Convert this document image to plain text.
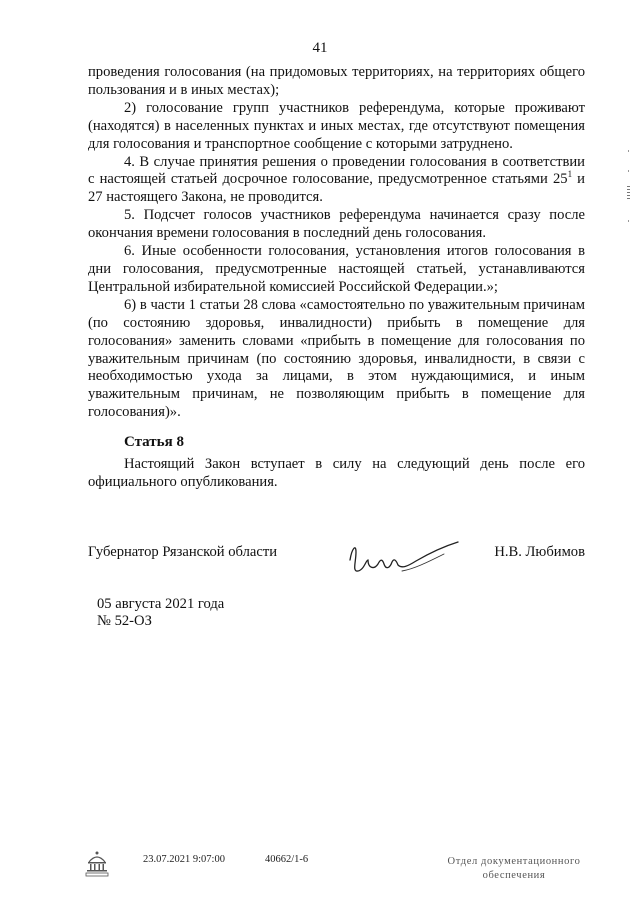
41

проведения голосования (на придомовых территориях, на территориях общего пользования и в иных местах);

2) голосование групп участников референдума, которые проживают (находятся) в населенных пунктах и иных местах, где отсутствуют помещения для голосования и транспортное сообщение с которыми затруднено.

4. В случае принятия решения о проведении голосования в соответствии с настоящей статьей досрочное голосование, предусмотренное статьями $25^1$ и 27 настоящего Закона, не проводится.

5. Подсчет голосов участников референдума начинается сразу после окончания времени голосования в последний день голосования.

6. Иные особенности голосования, установления итогов голосования в дни голосования, предусмотренные настоящей статьей, устанавливаются Центральной избирательной комиссией Российской Федерации.»;

6) в части 1 статьи 28 слова «самостоятельно по уважительным причинам (по состоянию здоровья, инвалидности) прибыть в помещение для голосования» заменить словами «прибыть в помещение для голосования по уважительным причинам (по состоянию здоровья, инвалидности, в связи с необходимостью ухода за лицами, в этом нуждающимися, и иным уважительным причинам, не позволяющим прибыть в помещение для голосования)».

Статья 8

Настоящий Закон вступает в силу на следующий день после его официального опубликования.

Губернатор Рязанской области	Н.В. Любимов
05 августа 2021 года
№ 52-ОЗ
23.07.2021 9:07:00	40662/1-6	Отдел документационного обеспечения
